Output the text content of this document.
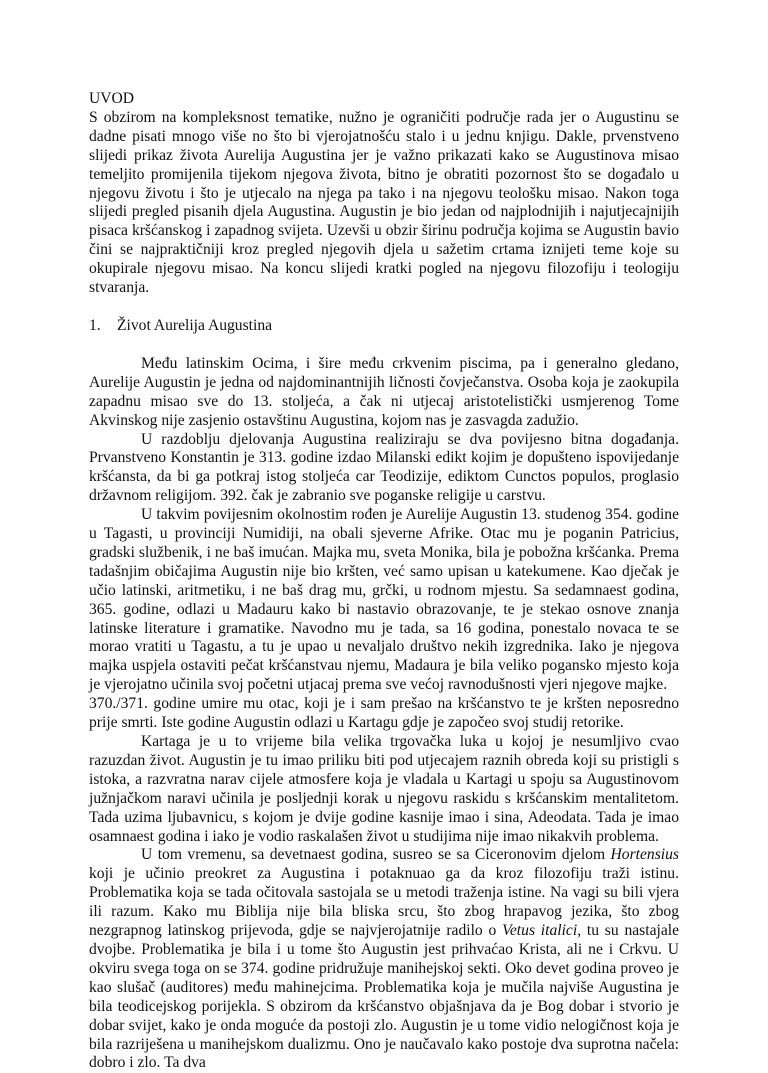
UVOD

S obzirom na kompleksnost tematike, nužno je ograničiti područje rada jer o Augustinu se dadne pisati mnogo više no što bi vjerojatnošću stalo i u jednu knjigu. Dakle, prvenstveno slijedi prikaz života Aurelija Augustina jer je važno prikazati kako se Augustinova misao temeljito promijenila tijekom njegova života, bitno je obratiti pozornost što se događalo u njegovu životu i što je utjecalo na njega pa tako i na njegovu teološku misao. Nakon toga slijedi pregled pisanih djela Augustina. Augustin je bio jedan od najplodnijih i najutjecajnijih pisaca kršćanskog i zapadnog svijeta. Uzevši u obzir širinu područja kojima se Augustin bavio čini se najpraktičniji kroz pregled njegovih djela u sažetim crtama iznijeti teme koje su okupirale njegovu misao. Na koncu slijedi kratki pogled na njegovu filozofiju i teologiju stvaranja.

1. Život Aurelija Augustina

Među latinskim Ocima, i šire među crkvenim piscima, pa i generalno gledano, Aurelije Augustin je jedna od najdominantnijih ličnosti čovječanstva. Osoba koja je zaokupila zapadnu misao sve do 13. stoljeća, a čak ni utjecaj aristotelistički usmjerenog Tome Akvinskog nije zasjenio ostavštinu Augustina, kojom nas je zasvagda zadužio.

U razdoblju djelovanja Augustina realiziraju se dva povijesno bitna događanja. Prvanstveno Konstantin je 313. godine izdao Milanski edikt kojim je dopušteno ispovijedanje kršćansta, da bi ga potkraj istog stoljeća car Teodizije, ediktom Cunctos populos, proglasio državnom religijom. 392. čak je zabranio sve poganske religije u carstvu.

U takvim povijesnim okolnostim rođen je Aurelije Augustin 13. studenog 354. godine u Tagasti, u provinciji Numidiji, na obali sjeverne Afrike. Otac mu je poganin Patricius, gradski službenik, i ne baš imućan. Majka mu, sveta Monika, bila je pobožna kršćanka. Prema tadašnjim običajima Augustin nije bio kršten, već samo upisan u katekumene. Kao dječak je učio latinski, aritmetiku, i ne baš drag mu, grčki, u rodnom mjestu. Sa sedamnaest godina, 365. godine, odlazi u Madauru kako bi nastavio obrazovanje, te je stekao osnove znanja latinske literature i gramatike. Navodno mu je tada, sa 16 godina, ponestalo novaca te se morao vratiti u Tagastu, a tu je upao u nevaljalo društvo nekih izgrednika. Iako je njegova majka uspjela ostaviti pečat kršćanstvau njemu, Madaura je bila veliko pogansko mjesto koja je vjerojatno učinila svoj početni utjacaj prema sve većoj ravnodušnosti vjeri njegove majke.

370./371. godine umire mu otac, koji je i sam prešao na kršćanstvo te je kršten neposredno prije smrti. Iste godine Augustin odlazi u Kartagu gdje je započeo svoj studij retorike.

Kartaga je u to vrijeme bila velika trgovačka luka u kojoj je nesumljivo cvao razuzdan život. Augustin je tu imao priliku biti pod utjecajem raznih obreda koji su pristigli s istoka, a razvratna narav cijele atmosfere koja je vladala u Kartagi u spoju sa Augustinovom južnjačkom naravi učinila je posljednji korak u njegovu raskidu s kršćanskim mentalitetom. Tada uzima ljubavnicu, s kojom je dvije godine kasnije imao i sina, Adeodata. Tada je imao osamnaest godina i iako je vodio raskalašen život u studijima nije imao nikakvih problema.

U tom vremenu, sa devetnaest godina, susreo se sa Ciceronovim djelom Hortensius koji je učinio preokret za Augustina i potaknuao ga da kroz filozofiju traži istinu. Problematika koja se tada očitovala sastojala se u metodi traženja istine. Na vagi su bili vjera ili razum. Kako mu Biblija nije bila bliska srcu, što zbog hrapavog jezika, što zbog nezgrapnog latinskog prijevoda, gdje se najvjerojatnije radilo o Vetus italici, tu su nastajale dvojbe. Problematika je bila i u tome što Augustin jest prihvaćao Krista, ali ne i Crkvu. U okviru svega toga on se 374. godine pridružuje manihejskoj sekti. Oko devet godina proveo je kao slušač (auditores) među mahinejcima. Problematika koja je mučila najviše Augustina je bila teodicejskog porijekla. S obzirom da kršćanstvo objašnjava da je Bog dobar i stvorio je dobar svijet, kako je onda moguće da postoji zlo. Augustin je u tome vidio nelogičnost koja je bila razriješena u manihejskom dualizmu. Ono je naučavalo kako postoje dva suprotna načela: dobro i zlo. Ta dva
